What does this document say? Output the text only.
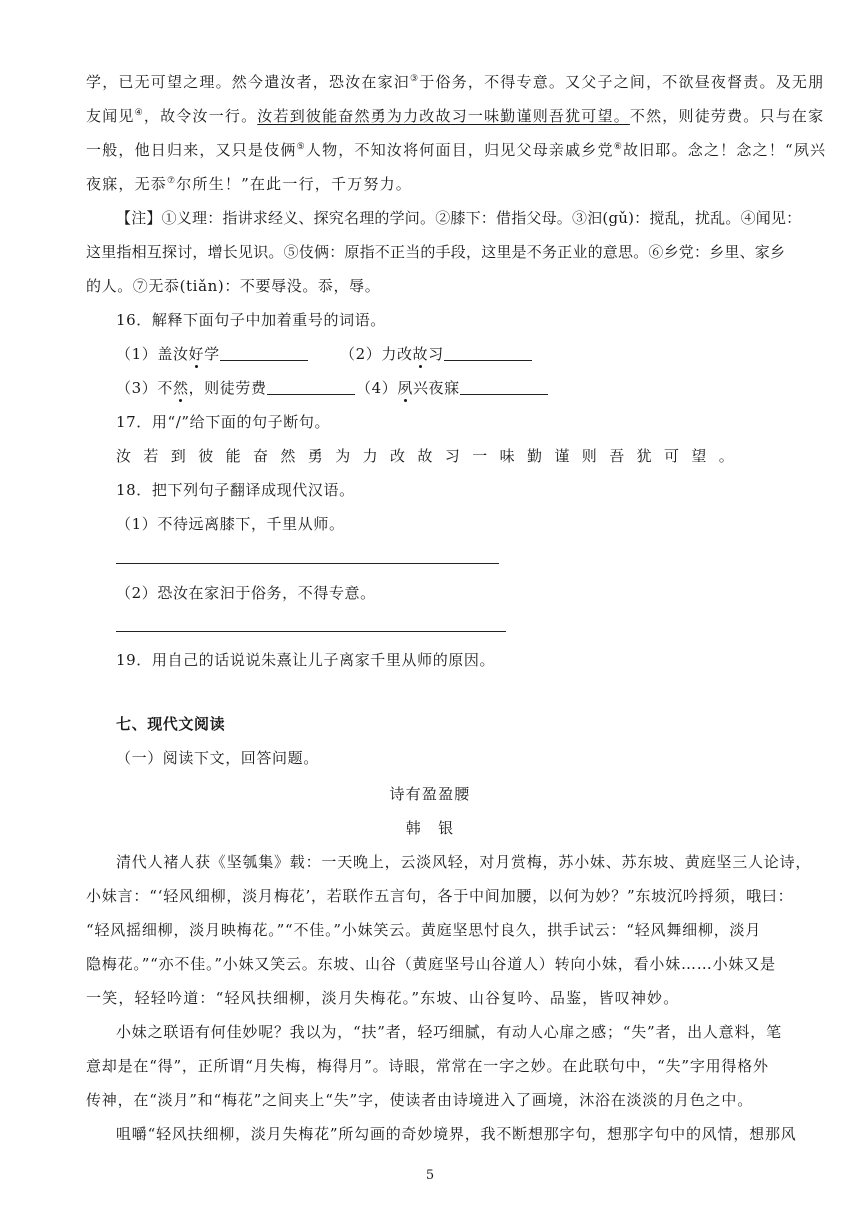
学，已无可望之理。然今遣汝者，恐汝在家汩③于俗务，不得专意。又父子之间，不欲昼夜督责。及无朋
友闻见④，故令汝一行。汝若到彼能奋然勇为力改故习一味勤谨则吾犹可望。不然，则徒劳费。只与在家
一般，他日归来，又只是伎俩⑤人物，不知汝将何面目，归见父母亲戚乡党⑥故旧耶。念之！念之！“夙兴
夜寐，无忝⑦尔所生！”在此一行，千万努力。
【注】①义理：指讲求经义、探究名理的学问。②膝下：借指父母。③汩(gǔ)：搅乱，扰乱。④闻见：
这里指相互探讨，增长见识。⑤伎俩：原指不正当的手段，这里是不务正业的意思。⑥乡党：乡里、家乡
的人。⑦无忝(tiǎn)：不要辱没。忝，辱。
16．解释下面句子中加着重号的词语。
（1）盖汝好学	（2）力改故习
（3）不然，则徒劳费	（4）夙兴夜寐
17．用“/”给下面的句子断句。
汝若到彼能奋然勇为力改故习一味勤谨则吾犹可望。
18．把下列句子翻译成现代汉语。
（1）不待远离膝下，千里从师。
（2）恐汝在家汩于俗务，不得专意。
19．用自己的话说说朱熹让儿子离家千里从师的原因。
七、现代文阅读
（一）阅读下文，回答问题。
诗有盈盈腰
韩　银
清代人褚人获《坚瓠集》载：一天晚上，云淡风轻，对月赏梅，苏小妹、苏东坡、黄庭坚三人论诗，
小妹言：“‘轻风细柳，淡月梅花’，若联作五言句，各于中间加腰，以何为妙？”东坡沉吟捋须，哦曰：
“轻风摇细柳，淡月映梅花。”“不佳。”小妹笑云。黄庭坚思忖良久，拱手试云：“轻风舞细柳，淡月
隐梅花。”“亦不佳。”小妹又笑云。东坡、山谷（黄庭坚号山谷道人）转向小妹，看小妹……小妹又是
一笑，轻轻吟道：“轻风扶细柳，淡月失梅花。”东坡、山谷复吟、品鉴，皆叹神妙。
小妹之联语有何佳妙呢？我以为，“扶”者，轻巧细腻，有动人心扉之感；“失”者，出人意料，笔
意却是在“得”，正所谓“月失梅，梅得月”。诗眼，常常在一字之妙。在此联句中，“失”字用得格外
传神，在“淡月”和“梅花”之间夹上“失”字，使读者由诗境进入了画境，沐浴在淡淡的月色之中。
咀嚼“轻风扶细柳，淡月失梅花”所勾画的奇妙境界，我不断想那字句，想那字句中的风情，想那风
5
